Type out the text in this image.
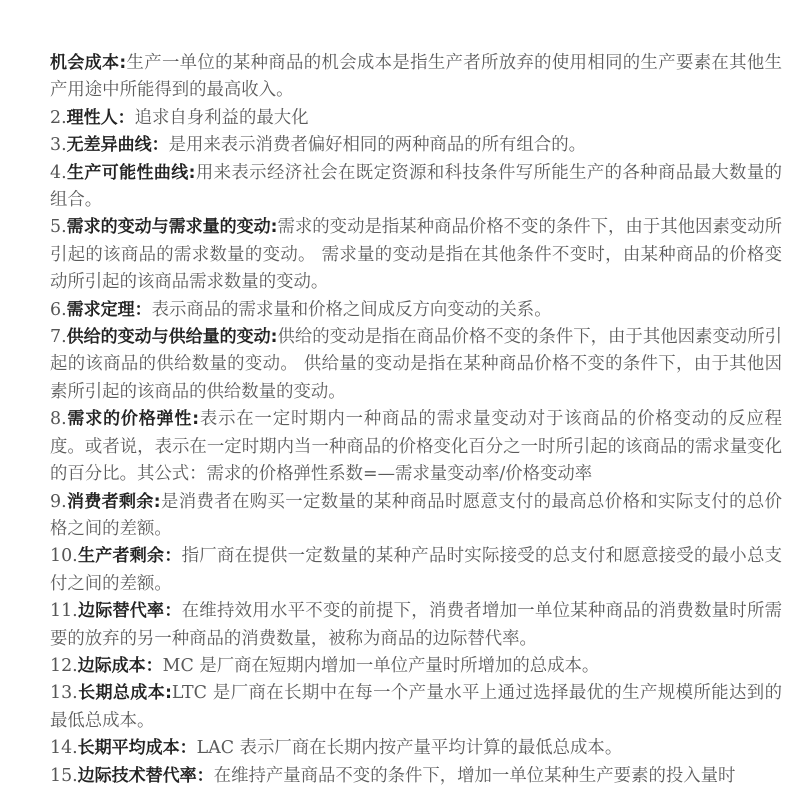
机会成本:生产一单位的某种商品的机会成本是指生产者所放弃的使用相同的生产要素在其他生产用途中所能得到的最高收入。

2.理性人：追求自身利益的最大化

3.无差异曲线：是用来表示消费者偏好相同的两种商品的所有组合的。

4.生产可能性曲线:用来表示经济社会在既定资源和科技条件写所能生产的各种商品最大数量的组合。

5.需求的变动与需求量的变动:需求的变动是指某种商品价格不变的条件下，由于其他因素变动所引起的该商品的需求数量的变动。 需求量的变动是指在其他条件不变时，由某种商品的价格变动所引起的该商品需求数量的变动。

6.需求定理：表示商品的需求量和价格之间成反方向变动的关系。

7.供给的变动与供给量的变动:供给的变动是指在商品价格不变的条件下，由于其他因素变动所引起的该商品的供给数量的变动。 供给量的变动是指在某种商品价格不变的条件下，由于其他因素所引起的该商品的供给数量的变动。

8.需求的价格弹性:表示在一定时期内一种商品的需求量变动对于该商品的价格变动的反应程度。或者说，表示在一定时期内当一种商品的价格变化百分之一时所引起的该商品的需求量变化的百分比。其公式：需求的价格弹性系数=—需求量变动率/价格变动率

9.消费者剩余:是消费者在购买一定数量的某种商品时愿意支付的最高总价格和实际支付的总价格之间的差额。

10.生产者剩余：指厂商在提供一定数量的某种产品时实际接受的总支付和愿意接受的最小总支付之间的差额。

11.边际替代率：在维持效用水平不变的前提下，消费者增加一单位某种商品的消费数量时所需要的放弃的另一种商品的消费数量，被称为商品的边际替代率。

12.边际成本：MC 是厂商在短期内增加一单位产量时所增加的总成本。

13.长期总成本:LTC 是厂商在长期中在每一个产量水平上通过选择最优的生产规模所能达到的最低总成本。

14.长期平均成本：LAC 表示厂商在长期内按产量平均计算的最低总成本。

15.边际技术替代率：在维持产量商品不变的条件下，增加一单位某种生产要素的投入量时
